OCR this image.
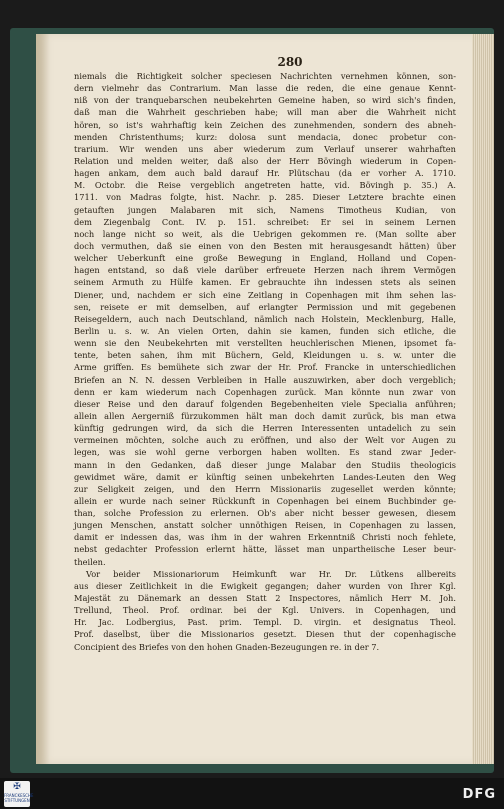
280
niemals die Richtigkeit solcher speciesen Nachrichten vernehmen können, son-
dern vielmehr das Contrarium. Man lasse die reden, die eine genaue Kennt-
niß von der tranquebarschen neubekehrten Gemeine haben, so wird sich's finden,
daß man die Wahrheit geschrieben habe; will man aber die Wahrheit nicht
hören, so ist's wahrhaftig kein Zeichen des zunehmenden, sondern des abneh-
menden Christenthums; kurz: dolosa sunt mendacia, donec probetur con-
trarium. Wir wenden uns aber wiederum zum Verlauf unserer wahrhaften
Relation und melden weiter, daß also der Herr Bövingh wiederum in Copen-
hagen ankam, dem auch bald darauf Hr. Plütschau (da er vorher A. 1710.
M. Octobr. die Reise vergeblich angetreten hatte, vid. Bövingh p. 35.) A.
1711. von Madras folgte, hist. Nachr. p. 285. Dieser Letztere brachte einen
getauften jungen Malabaren mit sich, Namens Timotheus Kudian, von
dem Ziegenbalg Cont. IV. p. 151. schreibet: Er sei in seinem Lernen
noch lange nicht so weit, als die Uebrigen gekommen re. (Man sollte aber
doch vermuthen, daß sie einen von den Besten mit herausgesandt hätten) über
welcher Ueberkunft eine große Bewegung in England, Holland und Copen-
hagen entstand, so daß viele darüber erfreuete Herzen nach ihrem Vermögen
seinem Armuth zu Hülfe kamen. Er gebrauchte ihn indessen stets als seinen
Diener, und, nachdem er sich eine Zeitlang in Copenhagen mit ihm sehen las-
sen, reisete er mit demselben, auf erlangter Permission und mit gegebenen
Reisegeldern, auch nach Deutschland, nämlich nach Holstein, Mecklenburg, Halle,
Berlin u. s. w. An vielen Orten, dahin sie kamen, funden sich etliche, die
wenn sie den Neubekehrten mit verstellten heuchlerischen Mienen, ipsomet fa-
tente, beten sahen, ihm mit Büchern, Geld, Kleidungen u. s. w. unter die
Arme griffen. Es bemühete sich zwar der Hr. Prof. Francke in unterschiedlichen
Briefen an N. N. dessen Verbleiben in Halle auszuwirken, aber doch vergeblich;
denn er kam wiederum nach Copenhagen zurück. Man könnte nun zwar von
dieser Reise und den darauf folgenden Begebenheiten viele Specialia anführen;
allein allen Aergerniß fürzukommen hält man doch damit zurück, bis man etwa
künftig gedrungen wird, da sich die Herren Interessenten untadelich zu sein
vermeinen möchten, solche auch zu eröffnen, und also der Welt vor Augen zu
legen, was sie wohl gerne verborgen haben wollten. Es stand zwar Jeder-
mann in den Gedanken, daß dieser junge Malabar den Studiis theologicis
gewidmet wäre, damit er künftig seinen unbekehrten Landes-Leuten den Weg
zur Seligkeit zeigen, und den Herrn Missionariis zugesellet werden könnte;
allein er wurde nach seiner Rückkunft in Copenhagen bei einem Buchbinder ge-
than, solche Profession zu erlernen. Ob's aber nicht besser gewesen, diesem
jungen Menschen, anstatt solcher unnöthigen Reisen, in Copenhagen zu lassen,
damit er indessen das, was ihm in der wahren Erkenntniß Christi noch fehlete,
nebst gedachter Profession erlernt hätte, lässet man unpartheiische Leser beur-
theilen.
Vor beider Missionariorum Heimkunft war Hr. Dr. Lütkens allbereits
aus dieser Zeitlichkeit in die Ewigkeit gegangen; daher wurden von Ihrer Kgl.
Majestät zu Dänemark an dessen Statt 2 Inspectores, nämlich Herr M. Joh.
Trellund, Theol. Prof. ordinar. bei der Kgl. Univers. in Copenhagen, und
Hr. Jac. Lodbergius, Past. prim. Templ. D. virgin. et designatus Theol.
Prof. daselbst, über die Missionarios gesetzt. Diesen thut der copenhagische
Concipient des Briefes von den hohen Gnaden-Bezeugungen re. in der 7.
✠
FRANCKESCHE STIFTUNGEN	DFG
